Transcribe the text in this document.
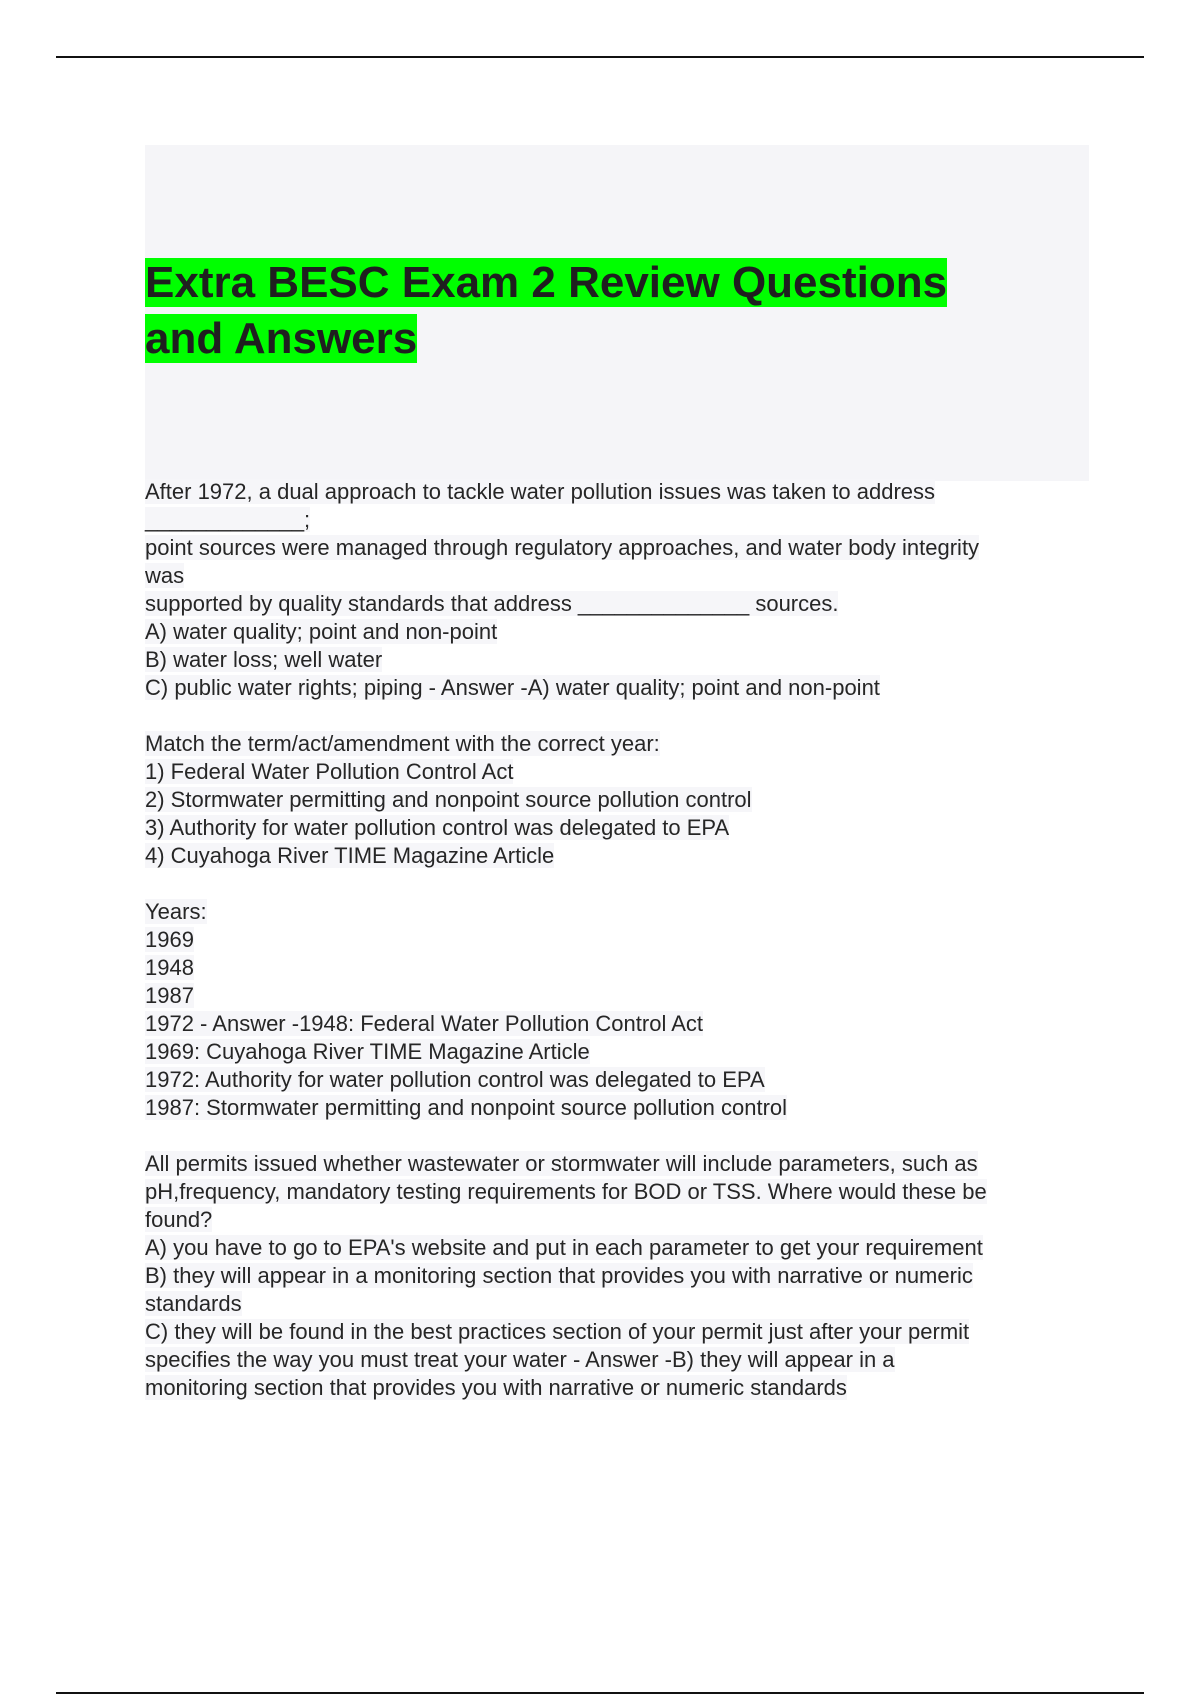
Extra BESC Exam 2 Review Questions
and Answers
After 1972, a dual approach to tackle water pollution issues was taken to address
_____________;
point sources were managed through regulatory approaches, and water body integrity
was
supported by quality standards that address ______________ sources.
A) water quality; point and non-point
B) water loss; well water
C) public water rights; piping - Answer -A) water quality; point and non-point
Match the term/act/amendment with the correct year:
1) Federal Water Pollution Control Act
2) Stormwater permitting and nonpoint source pollution control
3) Authority for water pollution control was delegated to EPA
4) Cuyahoga River TIME Magazine Article
Years:
1969
1948
1987
1972 - Answer -1948: Federal Water Pollution Control Act
1969: Cuyahoga River TIME Magazine Article
1972: Authority for water pollution control was delegated to EPA
1987: Stormwater permitting and nonpoint source pollution control
All permits issued whether wastewater or stormwater will include parameters, such as
pH,frequency, mandatory testing requirements for BOD or TSS. Where would these be
found?
A) you have to go to EPA's website and put in each parameter to get your requirement
B) they will appear in a monitoring section that provides you with narrative or numeric
standards
C) they will be found in the best practices section of your permit just after your permit
specifies the way you must treat your water - Answer -B) they will appear in a
monitoring section that provides you with narrative or numeric standards
